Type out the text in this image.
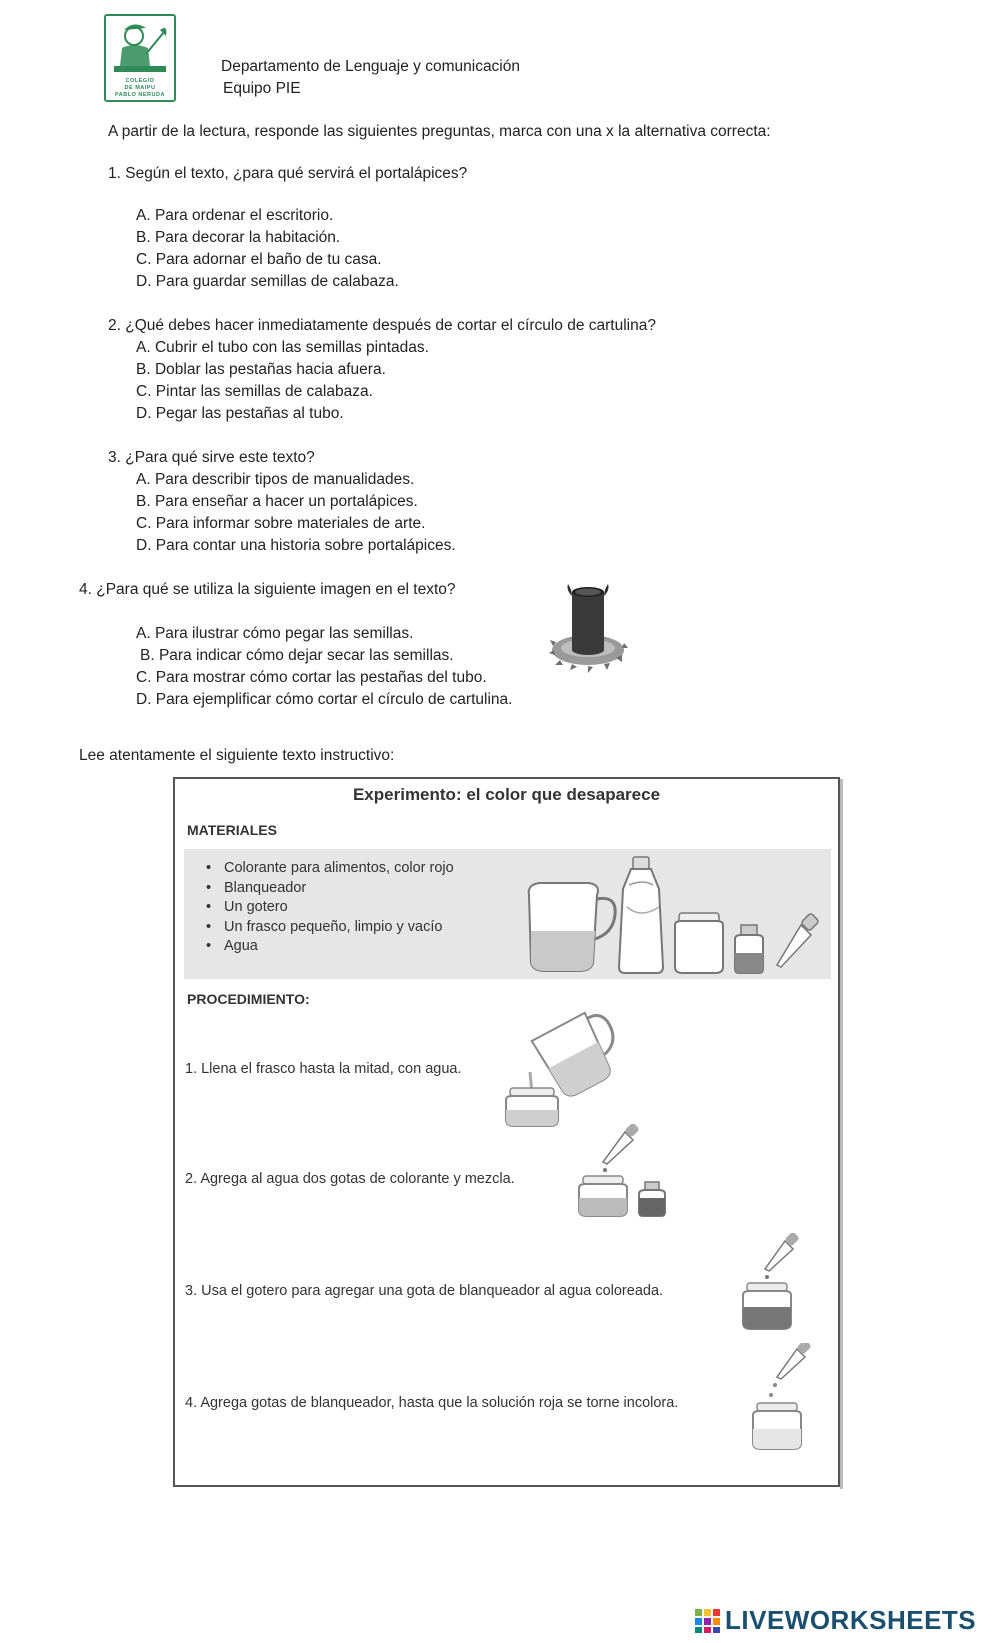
COLEGIO
DE MAIPU
PABLO NERUDA
Departamento de Lenguaje y comunicación
Equipo PIE
A partir de la lectura, responde las siguientes preguntas, marca con una x la alternativa correcta:
1. Según el texto, ¿para qué servirá el portalápices?
A. Para ordenar el escritorio.
B. Para decorar la habitación.
C. Para adornar el baño de tu casa.
D. Para guardar semillas de calabaza.
2. ¿Qué debes hacer inmediatamente después de cortar el círculo de cartulina?
A. Cubrir el tubo con las semillas pintadas.
B. Doblar las pestañas hacia afuera.
C. Pintar las semillas de calabaza.
D. Pegar las pestañas al tubo.
3. ¿Para qué sirve este texto?
A. Para describir tipos de manualidades.
B. Para enseñar a hacer un portalápices.
C. Para informar sobre materiales de arte.
D. Para contar una historia sobre portalápices.
4. ¿Para qué se utiliza la siguiente imagen en el texto?
A. Para ilustrar cómo pegar las semillas.
B. Para indicar cómo dejar secar las semillas.
C. Para mostrar cómo cortar las pestañas del tubo.
D. Para ejemplificar cómo cortar el círculo de cartulina.
Lee atentamente el siguiente texto instructivo:
Experimento: el color que desaparece
MATERIALES
• Colorante para alimentos, color rojo
• Blanqueador
• Un gotero
• Un frasco pequeño, limpio y vacío
• Agua
PROCEDIMIENTO:
1. Llena el frasco hasta la mitad, con agua.
2. Agrega al agua dos gotas de colorante y mezcla.
3. Usa el gotero para agregar una gota de blanqueador al agua coloreada.
4. Agrega gotas de blanqueador, hasta que la solución roja se torne incolora.
LIVEWORKSHEETS
